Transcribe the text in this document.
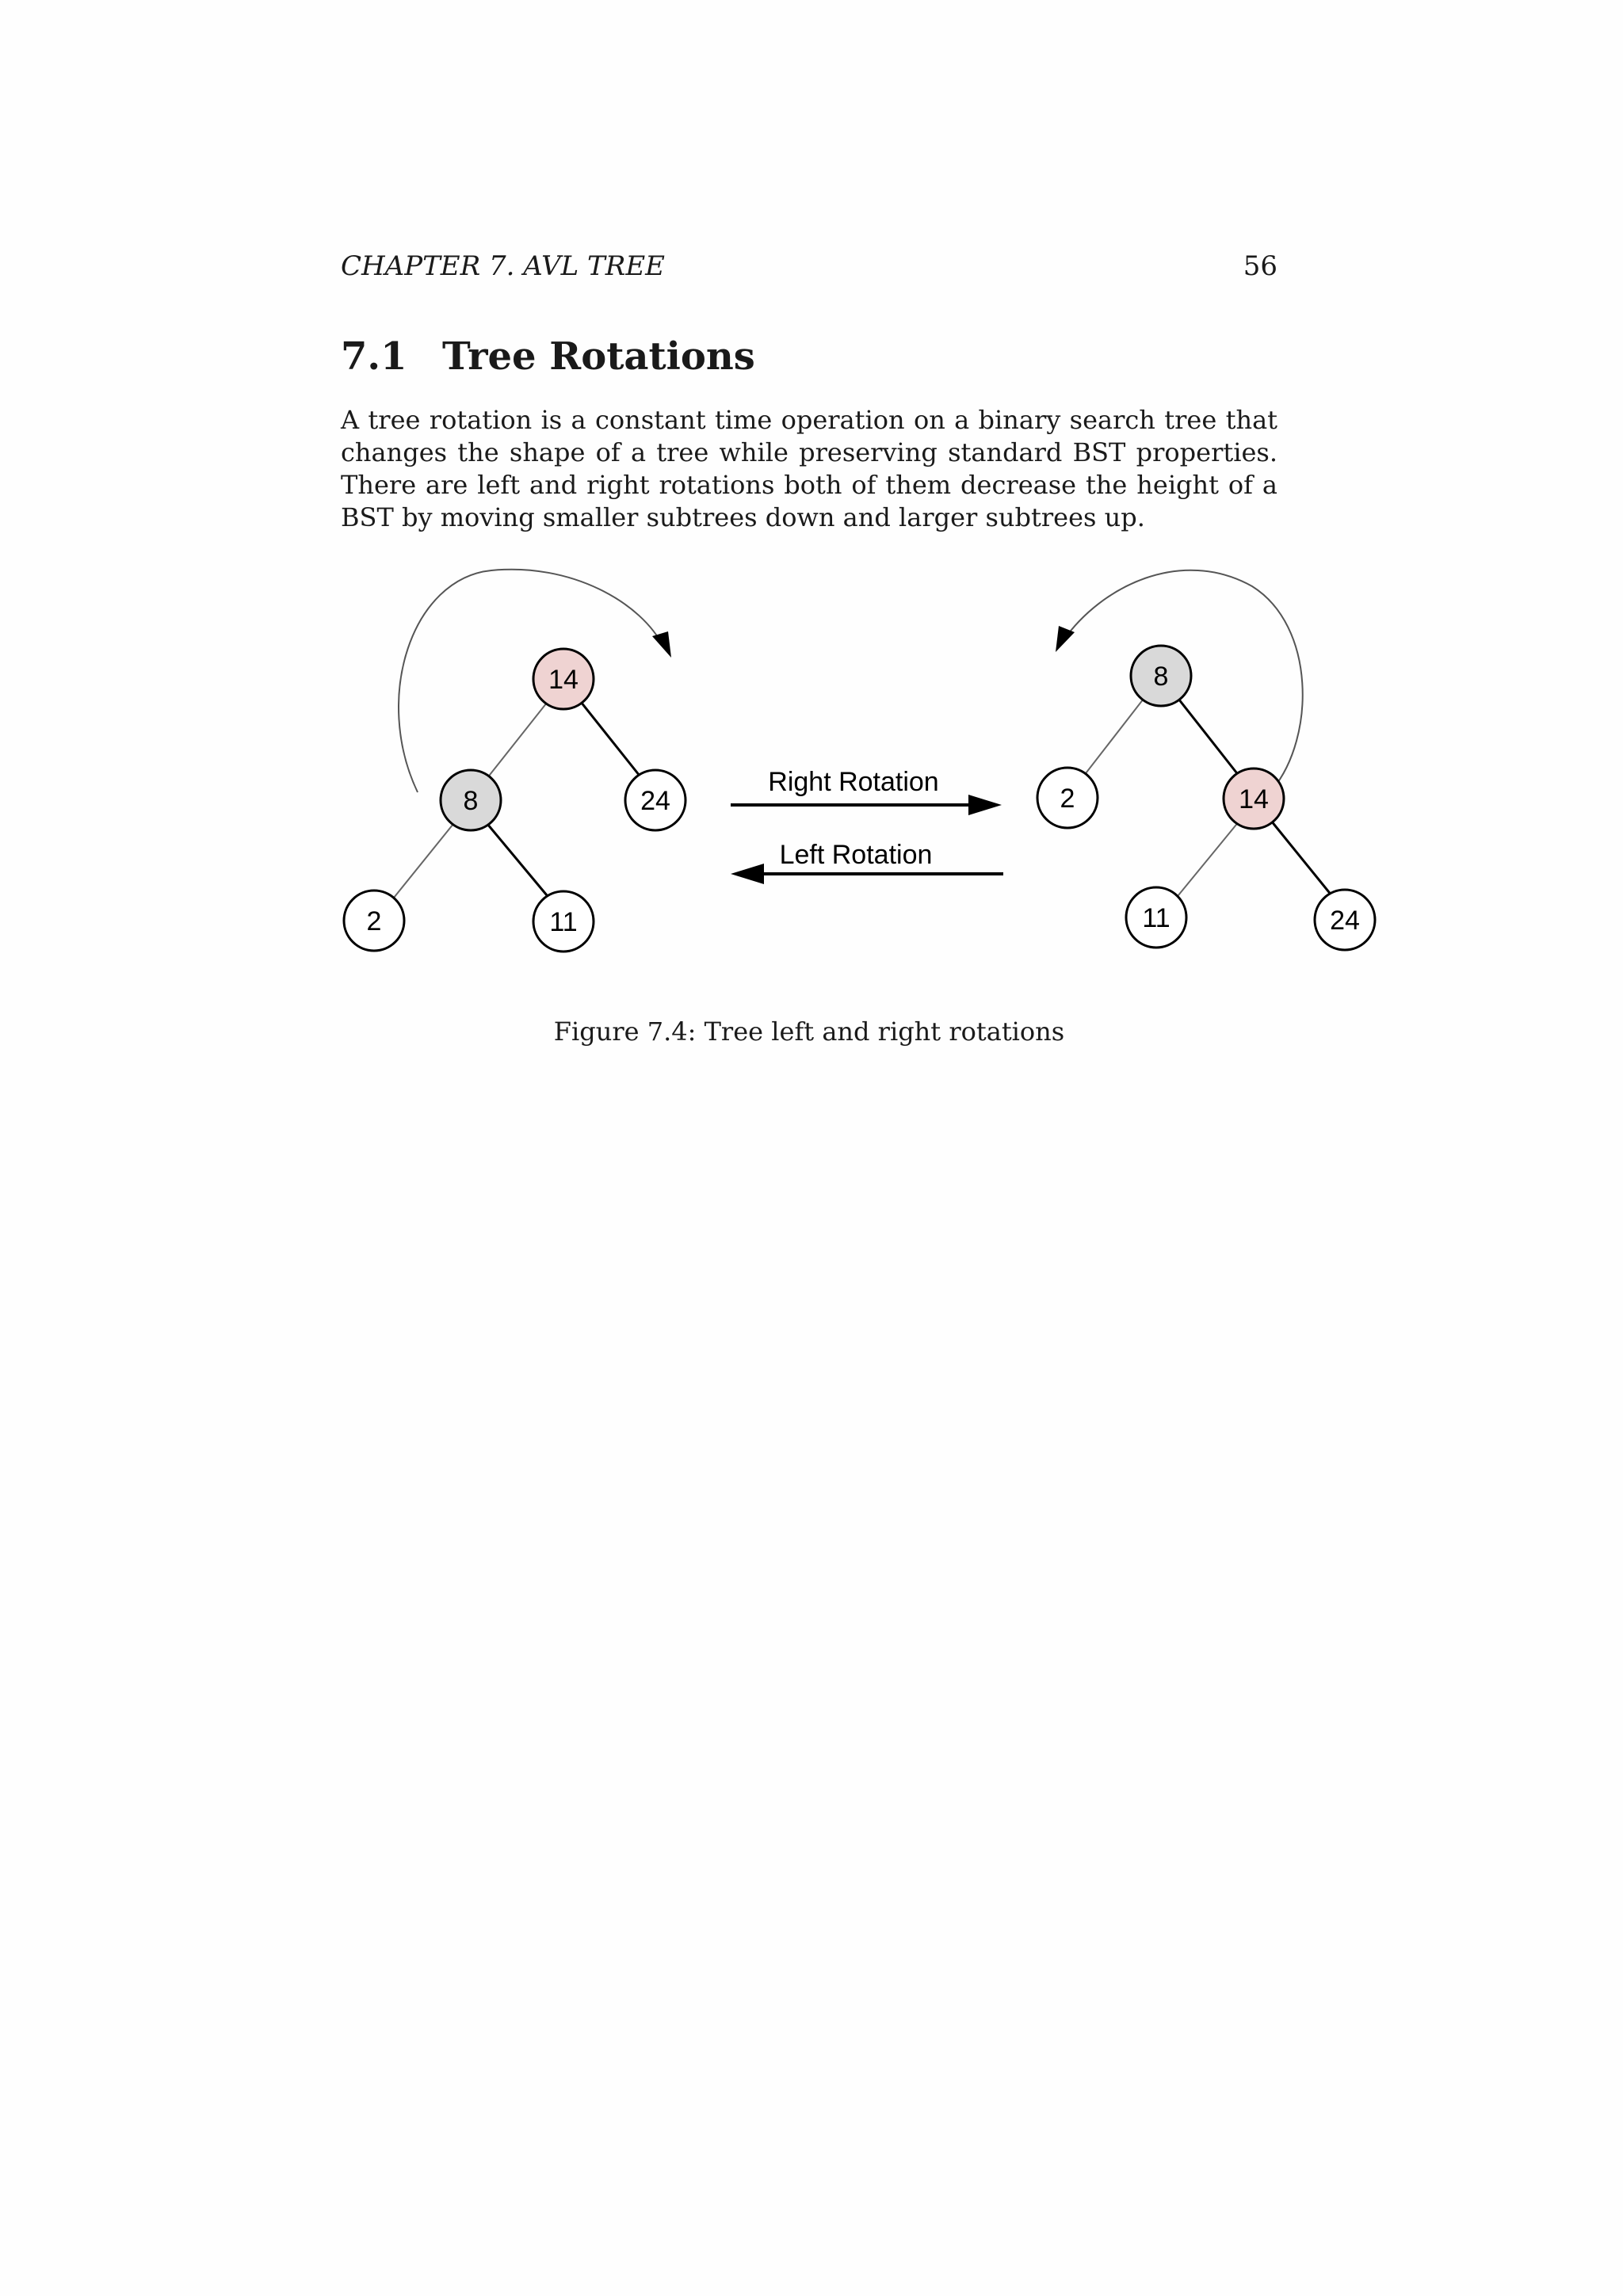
CHAPTER 7. AVL TREE	56
7.1 Tree Rotations

A tree rotation is a constant time operation on a binary search tree that changes the shape of a tree while preserving standard BST properties. There are left and right rotations both of them decrease the height of a BST by moving smaller subtrees down and larger subtrees up.

14
8	24
2	11
Right Rotation
Left Rotation
8
2	14
11	24

Figure 7.4: Tree left and right rotations
